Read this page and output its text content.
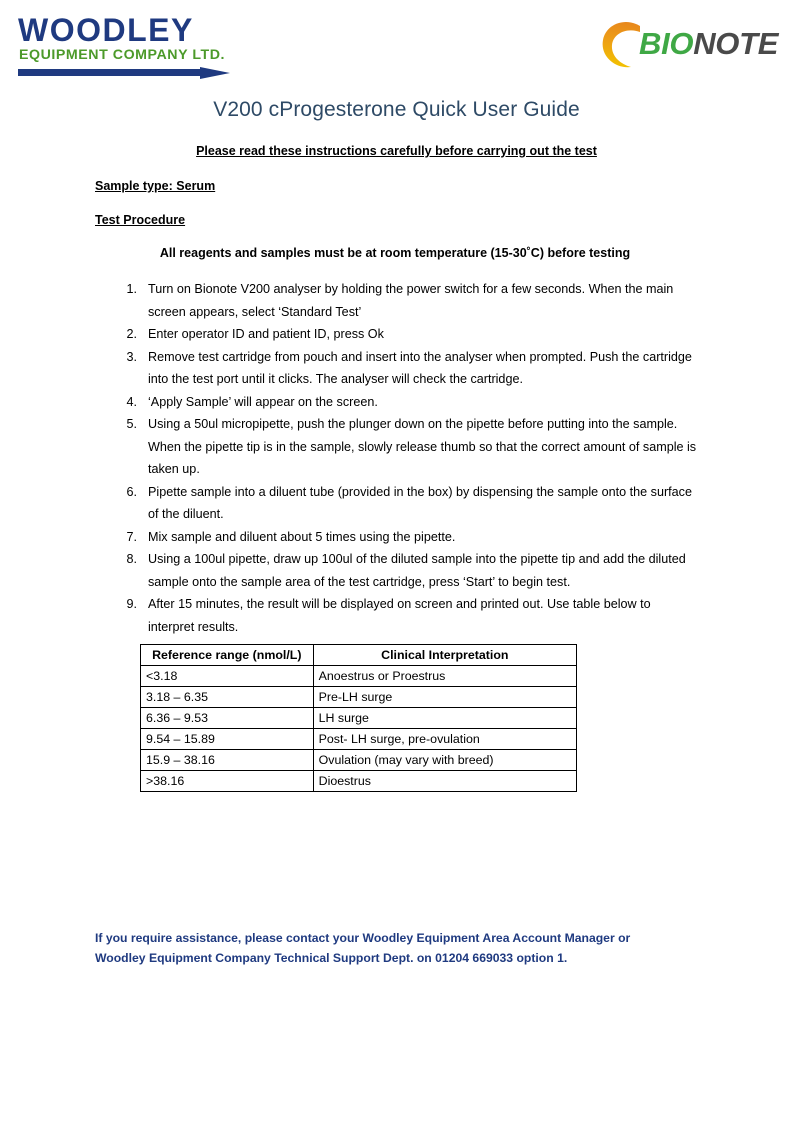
WOODLEY
EQUIPMENT COMPANY LTD.	BIONOTE
V200 cProgesterone Quick User Guide
Please read these instructions carefully before carrying out the test
Sample type: Serum
Test Procedure
All reagents and samples must be at room temperature (15-30˚C) before testing
1. Turn on Bionote V200 analyser by holding the power switch for a few seconds. When the main screen appears, select ‘Standard Test’
2. Enter operator ID and patient ID, press Ok
3. Remove test cartridge from pouch and insert into the analyser when prompted. Push the cartridge into the test port until it clicks. The analyser will check the cartridge.
4. ‘Apply Sample’ will appear on the screen.
5. Using a 50ul micropipette, push the plunger down on the pipette before putting into the sample. When the pipette tip is in the sample, slowly release thumb so that the correct amount of sample is taken up.
6. Pipette sample into a diluent tube (provided in the box) by dispensing the sample onto the surface of the diluent.
7. Mix sample and diluent about 5 times using the pipette.
8. Using a 100ul pipette, draw up 100ul of the diluted sample into the pipette tip and add the diluted sample onto the sample area of the test cartridge, press ‘Start’ to begin test.
9. After 15 minutes, the result will be displayed on screen and printed out. Use table below to interpret results.
Reference range (nmol/L)	Clinical Interpretation
<3.18	Anoestrus or Proestrus
3.18 – 6.35	Pre-LH surge
6.36 – 9.53	LH surge
9.54 – 15.89	Post- LH surge, pre-ovulation
15.9 – 38.16	Ovulation (may vary with breed)
>38.16	Dioestrus
If you require assistance, please contact your Woodley Equipment Area Account Manager or Woodley Equipment Company Technical Support Dept. on 01204 669033 option 1.
